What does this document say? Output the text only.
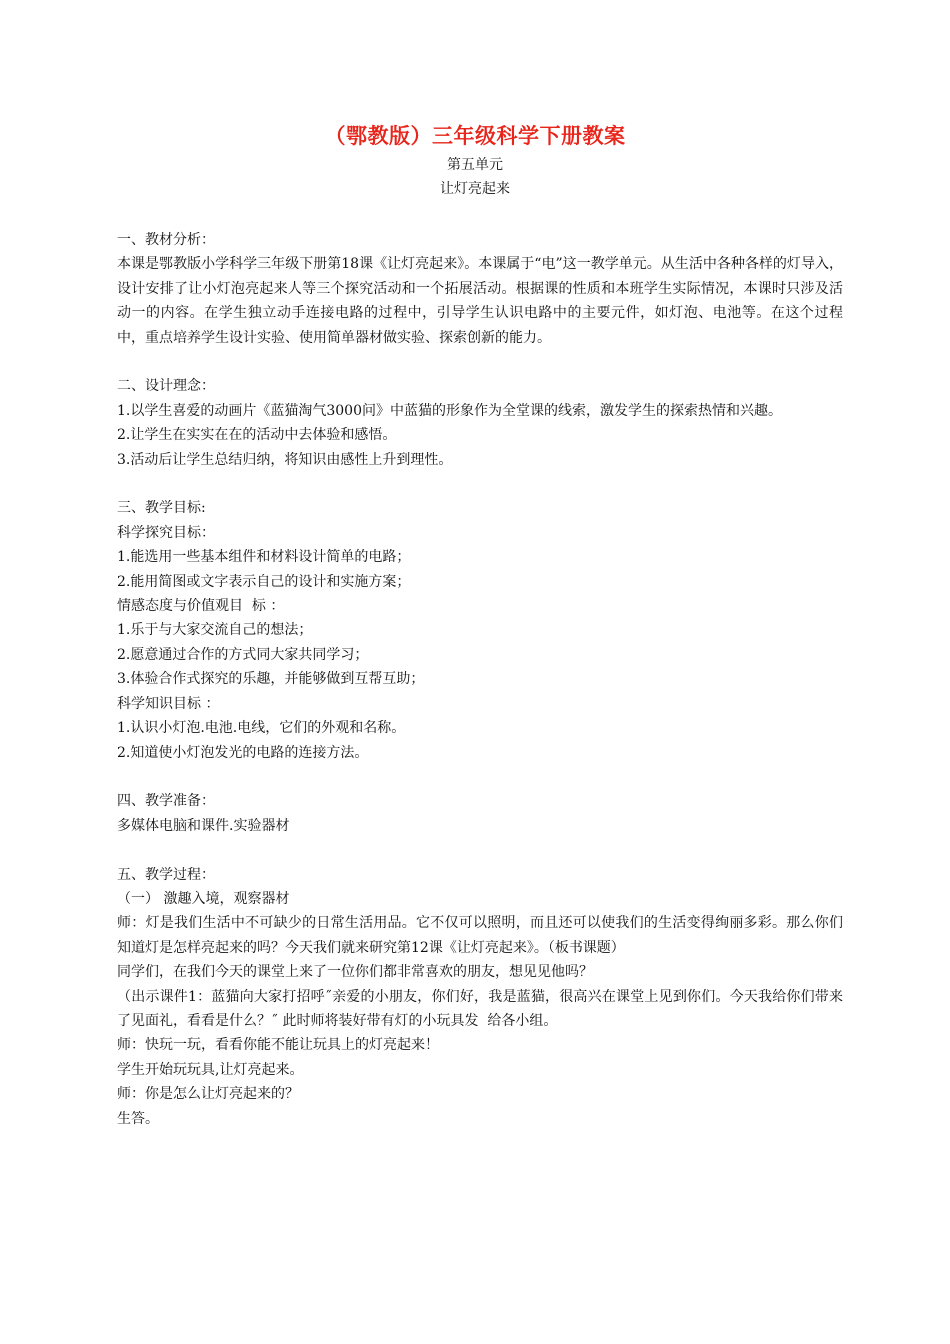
（鄂教版）三年级科学下册教案
第五单元
让灯亮起来

一、教材分析：

本课是鄂教版小学科学三年级下册第18课《让灯亮起来》。本课属于“电”这一教学单元。从生活中各种各样的灯导入，设计安排了让小灯泡亮起来人等三个探究活动和一个拓展活动。根据课的性质和本班学生实际情况，本课时只涉及活动一的内容。在学生独立动手连接电路的过程中，引导学生认识电路中的主要元件，如灯泡、电池等。在这个过程中，重点培养学生设计实验、使用简单器材做实验、探索创新的能力。

二、设计理念：

1.以学生喜爱的动画片《蓝猫淘气3000问》中蓝猫的形象作为全堂课的线索，激发学生的探索热情和兴趣。

2.让学生在实实在在的活动中去体验和感悟。

3.活动后让学生总结归纳，将知识由感性上升到理性。

三、教学目标:

科学探究目标：

1.能选用一些基本组件和材料设计简单的电路；

2.能用简图或文字表示自己的设计和实施方案；

情感态度与价值观目  标 ：

1.乐于与大家交流自己的想法；

2.愿意通过合作的方式同大家共同学习；

3.体验合作式探究的乐趣，并能够做到互帮互助；

科学知识目标 ：

1.认识小灯泡.电池.电线，它们的外观和名称。

2.知道使小灯泡发光的电路的连接方法。

四、教学准备：

多媒体电脑和课件.实验器材

五、教学过程：

（一） 激趣入境，观察器材

师：灯是我们生活中不可缺少的日常生活用品。它不仅可以照明，而且还可以使我们的生活变得绚丽多彩。那么你们知道灯是怎样亮起来的吗？今天我们就来研究第12课《让灯亮起来》。（板书课题）

同学们，在我们今天的课堂上来了一位你们都非常喜欢的朋友，想见见他吗？

（出示课件1：蓝猫向大家打招呼˝亲爱的小朋友，你们好，我是蓝猫，很高兴在课堂上见到你们。今天我给你们带来了见面礼，看看是什么？˝ 此时师将装好带有灯的小玩具发  给各小组。

师：快玩一玩，看看你能不能让玩具上的灯亮起来！

学生开始玩玩具,让灯亮起来。

师：你是怎么让灯亮起来的？

生答。
